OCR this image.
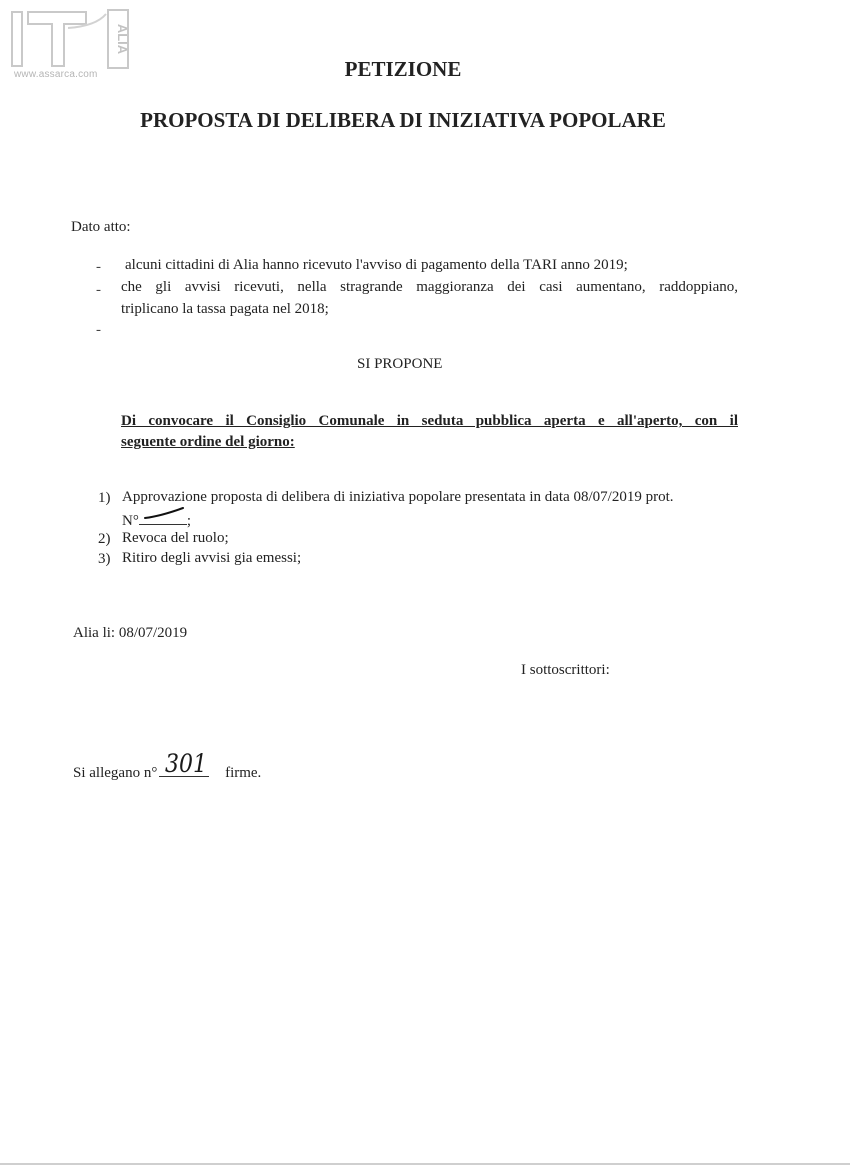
ALIA
www.assarca.com	PETIZIONE
PROPOSTA DI DELIBERA DI INIZIATIVA POPOLARE
Dato atto:
- alcuni cittadini di Alia hanno ricevuto l'avviso di pagamento della TARI anno 2019;
- che gli avvisi ricevuti, nella stragrande maggioranza dei casi aumentano, raddoppiano,
triplicano la tassa pagata nel 2018;
-
SI PROPONE
Di convocare il Consiglio Comunale in seduta pubblica aperta e all'aperto, con il
seguente ordine del giorno:
1) Approvazione proposta di delibera di iniziativa popolare presentata in data 08/07/2019 prot.
N°	;
2) Revoca del ruolo;
3) Ritiro degli avvisi gia emessi;
Alia li: 08/07/2019
I sottoscrittori:
Si allegano n° 301 firme.
